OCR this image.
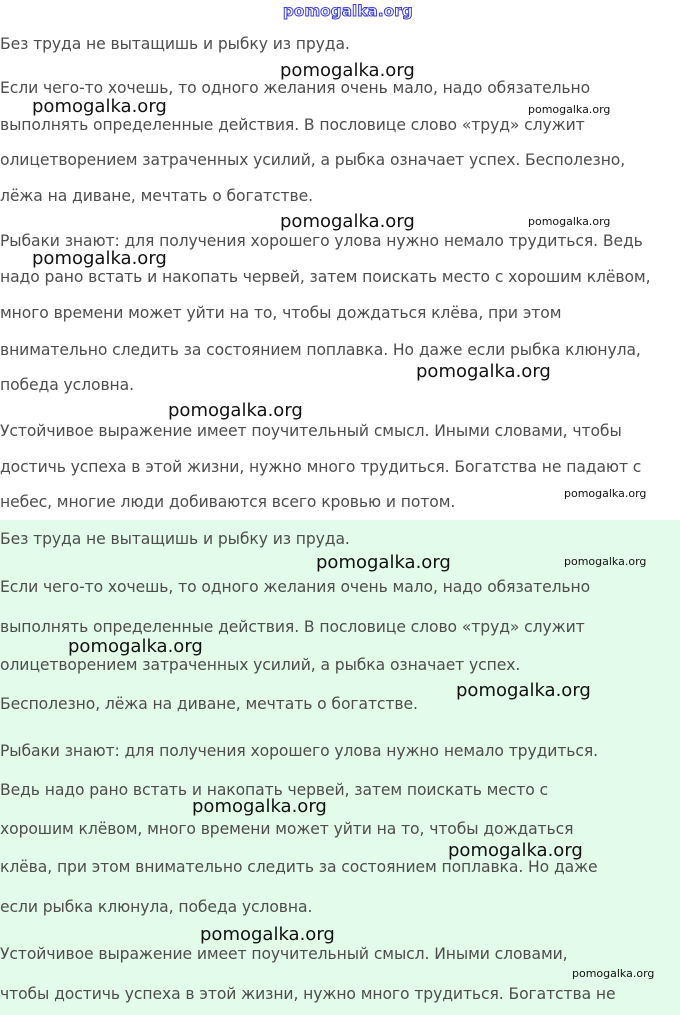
Без труда не вытащишь и рыбку из пруда.
Если чего-то хочешь, то одного желания очень мало, надо обязательно
выполнять определенные действия. В пословице слово «труд» служит
олицетворением затраченных усилий, а рыбка означает успех. Бесполезно,
лёжа на диване, мечтать о богатстве.
Рыбаки знают: для получения хорошего улова нужно немало трудиться. Ведь
надо рано встать и накопать червей, затем поискать место с хорошим клёвом,
много времени может уйти на то, чтобы дождаться клёва, при этом
внимательно следить за состоянием поплавка. Но даже если рыбка клюнула,
победа условна.
Устойчивое выражение имеет поучительный смысл. Иными словами, чтобы
достичь успеха в этой жизни, нужно много трудиться. Богатства не падают с
небес, многие люди добиваются всего кровью и потом.
Без труда не вытащишь и рыбку из пруда.
Если чего-то хочешь, то одного желания очень мало, надо обязательно
выполнять определенные действия. В пословице слово «труд» служит
олицетворением затраченных усилий, а рыбка означает успех.
Бесполезно, лёжа на диване, мечтать о богатстве.
Рыбаки знают: для получения хорошего улова нужно немало трудиться.
Ведь надо рано встать и накопать червей, затем поискать место с
хорошим клёвом, много времени может уйти на то, чтобы дождаться
клёва, при этом внимательно следить за состоянием поплавка. Но даже
если рыбка клюнула, победа условна.
Устойчивое выражение имеет поучительный смысл. Иными словами,
чтобы достичь успеха в этой жизни, нужно много трудиться. Богатства не
pomogalka.org
pomogalka.org
pomogalka.org	pomogalka.org
pomogalka.org	pomogalka.org
pomogalka.org
pomogalka.org
pomogalka.org
pomogalka.org
pomogalka.org	pomogalka.org
pomogalka.org
pomogalka.org
pomogalka.org
pomogalka.org
pomogalka.org
pomogalka.org
